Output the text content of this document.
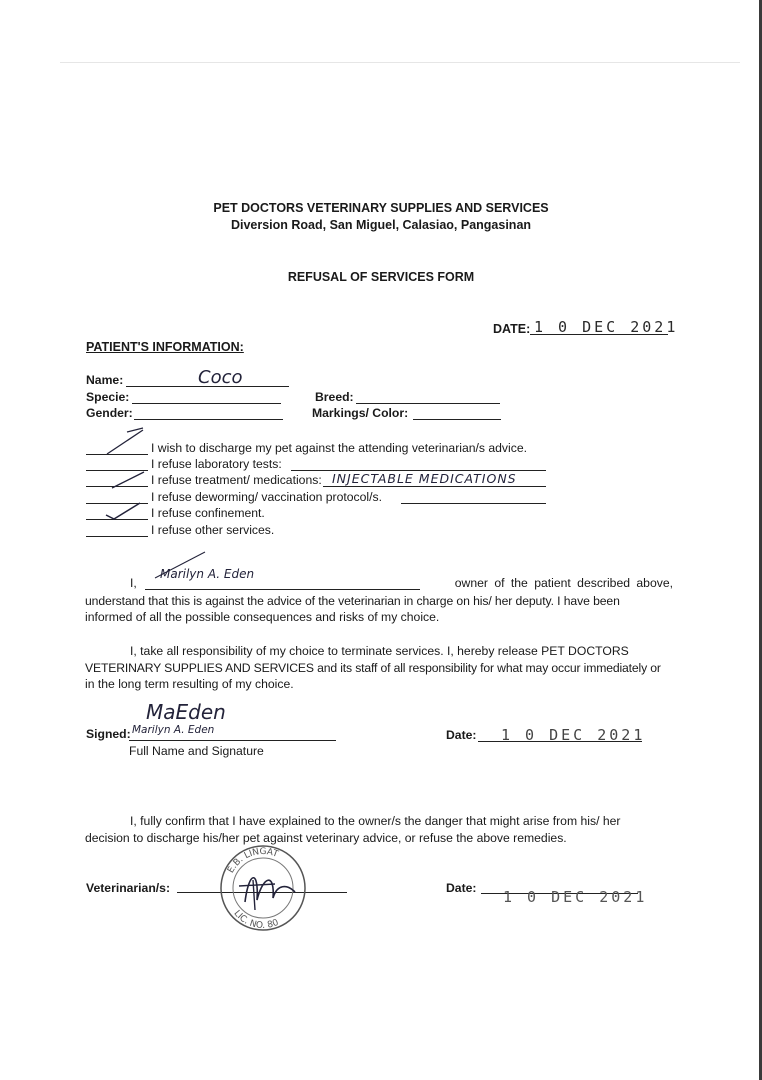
PET DOCTORS VETERINARY SUPPLIES AND SERVICES
Diversion Road, San Miguel, Calasiao, Pangasinan
REFUSAL OF SERVICES FORM
DATE: 1 0 DEC 2021
PATIENT'S INFORMATION:
Name:	Coco
Specie:	Breed:
Gender:	Markings/ Color:
I wish to discharge my pet against the attending veterinarian/s advice.
I refuse laboratory tests:
I refuse treatment/ medications: INJECTABLE MEDICATIONS
I refuse deworming/ vaccination protocol/s.
I refuse confinement.
I refuse other services.
I,
Marilyn A. Eden
owner of the patient described above,
understand that this is against the advice of the veterinarian in charge on his/ her deputy. I have been
informed of all the possible consequences and risks of my choice.
I, take all responsibility of my choice to terminate services. I, hereby release PET DOCTORS
VETERINARY SUPPLIES AND SERVICES and its staff of all responsibility for what may occur immediately or
in the long term resulting of my choice.
Signed:
MaEden
Marilyn A. Eden
Full Name and Signature
Date: 1 0 DEC 2021
I, fully confirm that I have explained to the owner/s the danger that might arise from his/ her
decision to discharge his/her pet against veterinary advice, or refuse the above remedies.
Veterinarian/s:
E.B. LINGAT
LIC. NO. 80
Date: 1 0 DEC 2021
